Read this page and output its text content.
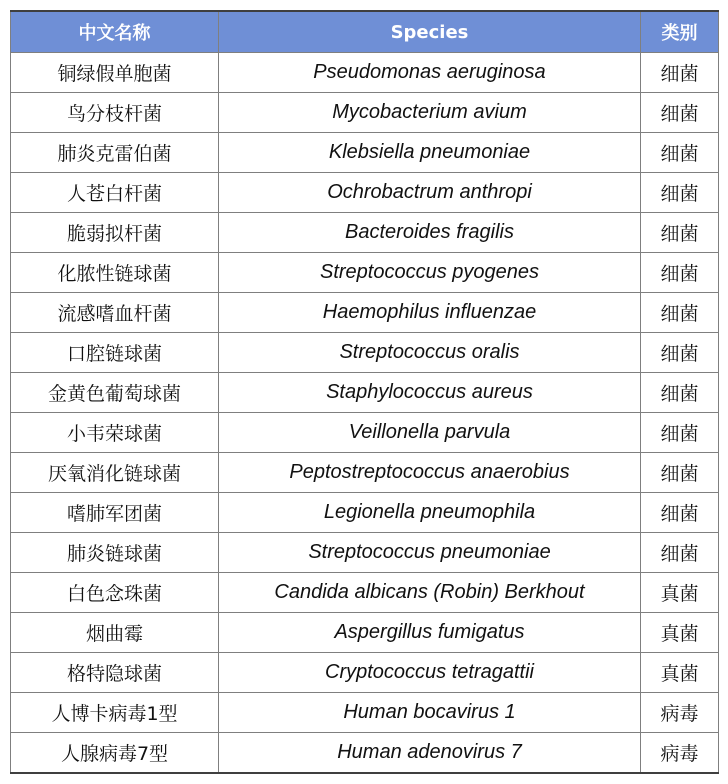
中文名称	Species	类别
铜绿假单胞菌	Pseudomonas aeruginosa	细菌
鸟分枝杆菌	Mycobacterium avium	细菌
肺炎克雷伯菌	Klebsiella pneumoniae	细菌
人苍白杆菌	Ochrobactrum anthropi	细菌
脆弱拟杆菌	Bacteroides fragilis	细菌
化脓性链球菌	Streptococcus pyogenes	细菌
流感嗜血杆菌	Haemophilus influenzae	细菌
口腔链球菌	Streptococcus oralis	细菌
金黄色葡萄球菌	Staphylococcus aureus	细菌
小韦荣球菌	Veillonella parvula	细菌
厌氧消化链球菌	Peptostreptococcus anaerobius	细菌
嗜肺军团菌	Legionella pneumophila	细菌
肺炎链球菌	Streptococcus pneumoniae	细菌
白色念珠菌	Candida albicans (Robin) Berkhout	真菌
烟曲霉	Aspergillus fumigatus	真菌
格特隐球菌	Cryptococcus tetragattii	真菌
人博卡病毒1型	Human bocavirus 1	病毒
人腺病毒7型	Human adenovirus 7	病毒
